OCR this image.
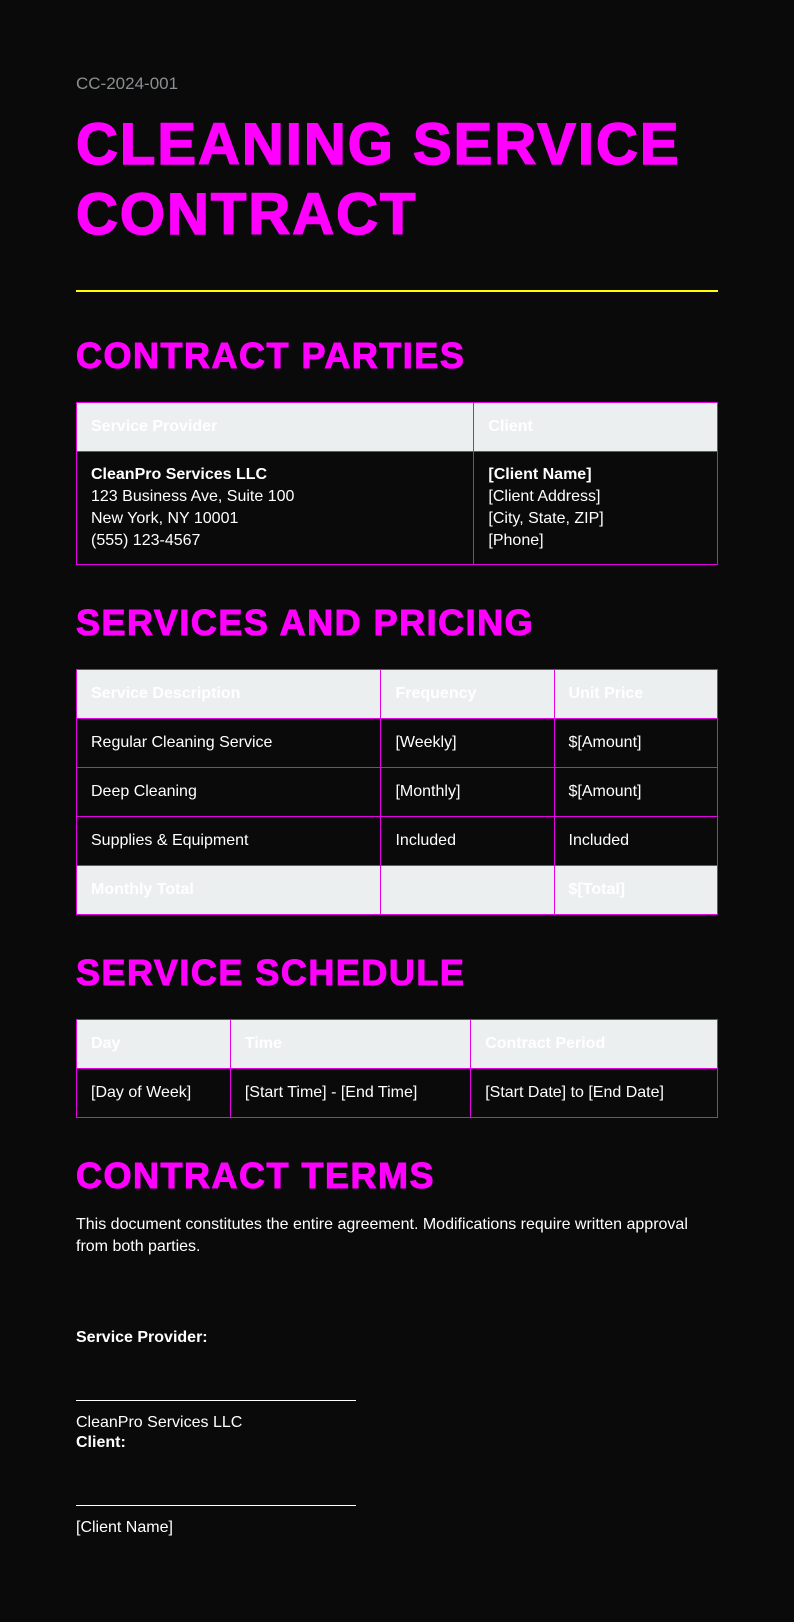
CC-2024-001
CLEANING SERVICE CONTRACT
CONTRACT PARTIES
Service Provider	Client

CleanPro Services LLC
123 Business Ave, Suite 100
New York, NY 10001
(555) 123-4567

[Client Name]
[Client Address]
[City, State, ZIP]
[Phone]
SERVICES AND PRICING
Service Description	Frequency	Unit Price
Regular Cleaning Service	[Weekly]	$[Amount]
Deep Cleaning	[Monthly]	$[Amount]
Supplies & Equipment	Included	Included
Monthly Total		$[Total]
SERVICE SCHEDULE
Day	Time	Contract Period
[Day of Week]	[Start Time] - [End Time]	[Start Date] to [End Date]
CONTRACT TERMS

This document constitutes the entire agreement. Modifications require written approval from both parties.

Service Provider:
CleanPro Services LLC
Client:
[Client Name]
